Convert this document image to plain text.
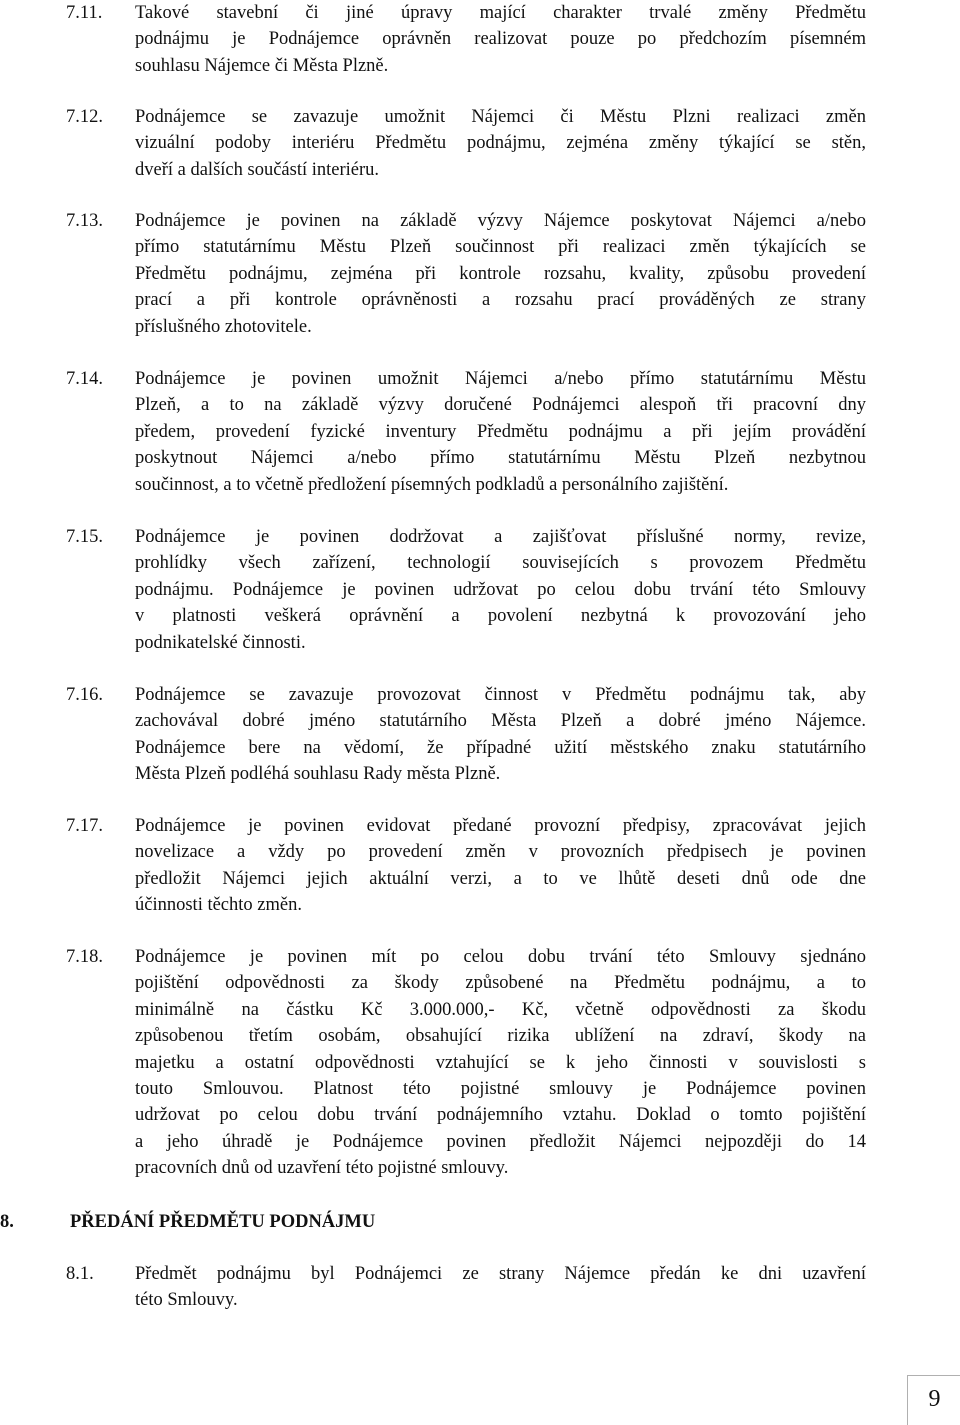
7.11. Takové stavební či jiné úpravy mající charakter trvalé změny Předmětu
podnájmu je Podnájemce oprávněn realizovat pouze po předchozím písemném
souhlasu Nájemce či Města Plzně.
7.12. Podnájemce se zavazuje umožnit Nájemci či Městu Plzni realizaci změn
vizuální podoby interiéru Předmětu podnájmu, zejména změny týkající se stěn,
dveří a dalších součástí interiéru.
7.13. Podnájemce je povinen na základě výzvy Nájemce poskytovat Nájemci a/nebo
přímo statutárnímu Městu Plzeň součinnost při realizaci změn týkajících se
Předmětu podnájmu, zejména při kontrole rozsahu, kvality, způsobu provedení
prací a při kontrole oprávněnosti a rozsahu prací prováděných ze strany
příslušného zhotovitele.
7.14. Podnájemce je povinen umožnit Nájemci a/nebo přímo statutárnímu Městu
Plzeň, a to na základě výzvy doručené Podnájemci alespoň tři pracovní dny
předem, provedení fyzické inventury Předmětu podnájmu a při jejím provádění
poskytnout Nájemci a/nebo přímo statutárnímu Městu Plzeň nezbytnou
součinnost, a to včetně předložení písemných podkladů a personálního zajištění.
7.15. Podnájemce je povinen dodržovat a zajišťovat příslušné normy, revize,
prohlídky všech zařízení, technologií souvisejících s provozem Předmětu
podnájmu. Podnájemce je povinen udržovat po celou dobu trvání této Smlouvy
v platnosti veškerá oprávnění a povolení nezbytná k provozování jeho
podnikatelské činnosti.
7.16. Podnájemce se zavazuje provozovat činnost v Předmětu podnájmu tak, aby
zachovával dobré jméno statutárního Města Plzeň a dobré jméno Nájemce.
Podnájemce bere na vědomí, že případné užití městského znaku statutárního
Města Plzeň podléhá souhlasu Rady města Plzně.
7.17. Podnájemce je povinen evidovat předané provozní předpisy, zpracovávat jejich
novelizace a vždy po provedení změn v provozních předpisech je povinen
předložit Nájemci jejich aktuální verzi, a to ve lhůtě deseti dnů ode dne
účinnosti těchto změn.
7.18. Podnájemce je povinen mít po celou dobu trvání této Smlouvy sjednáno
pojištění odpovědnosti za škody způsobené na Předmětu podnájmu, a to
minimálně na částku Kč 3.000.000,- Kč, včetně odpovědnosti za škodu
způsobenou třetím osobám, obsahující rizika ublížení na zdraví, škody na
majetku a ostatní odpovědnosti vztahující se k jeho činnosti v souvislosti s
touto Smlouvou. Platnost této pojistné smlouvy je Podnájemce povinen
udržovat po celou dobu trvání podnájemního vztahu. Doklad o tomto pojištění
a jeho úhradě je Podnájemce povinen předložit Nájemci nejpozději do 14
pracovních dnů od uzavření této pojistné smlouvy.
8.	PŘEDÁNÍ PŘEDMĚTU PODNÁJMU
8.1. Předmět podnájmu byl Podnájemci ze strany Nájemce předán ke dni uzavření
této Smlouvy.
9
